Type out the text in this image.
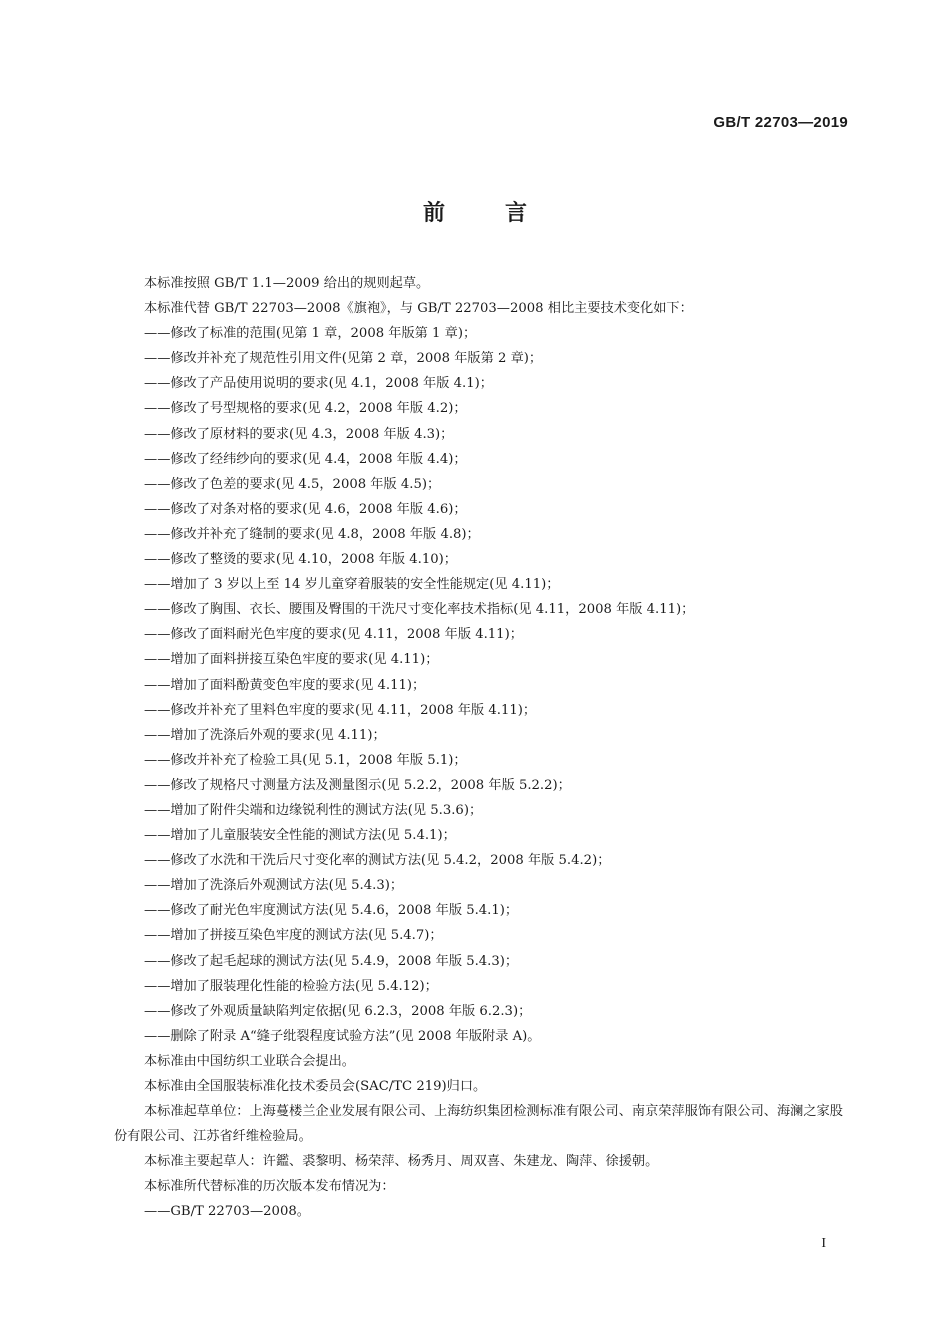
GB/T 22703—2019
前言
本标准按照 GB/T 1.1—2009 给出的规则起草。
本标准代替 GB/T 22703—2008《旗袍》，与 GB/T 22703—2008 相比主要技术变化如下：
——修改了标准的范围(见第 1 章，2008 年版第 1 章)；
——修改并补充了规范性引用文件(见第 2 章，2008 年版第 2 章)；
——修改了产品使用说明的要求(见 4.1，2008 年版 4.1)；
——修改了号型规格的要求(见 4.2，2008 年版 4.2)；
——修改了原材料的要求(见 4.3，2008 年版 4.3)；
——修改了经纬纱向的要求(见 4.4，2008 年版 4.4)；
——修改了色差的要求(见 4.5，2008 年版 4.5)；
——修改了对条对格的要求(见 4.6，2008 年版 4.6)；
——修改并补充了缝制的要求(见 4.8，2008 年版 4.8)；
——修改了整烫的要求(见 4.10，2008 年版 4.10)；
——增加了 3 岁以上至 14 岁儿童穿着服装的安全性能规定(见 4.11)；
——修改了胸围、衣长、腰围及臀围的干洗尺寸变化率技术指标(见 4.11，2008 年版 4.11)；
——修改了面料耐光色牢度的要求(见 4.11，2008 年版 4.11)；
——增加了面料拼接互染色牢度的要求(见 4.11)；
——增加了面料酚黄变色牢度的要求(见 4.11)；
——修改并补充了里料色牢度的要求(见 4.11，2008 年版 4.11)；
——增加了洗涤后外观的要求(见 4.11)；
——修改并补充了检验工具(见 5.1，2008 年版 5.1)；
——修改了规格尺寸测量方法及测量图示(见 5.2.2，2008 年版 5.2.2)；
——增加了附件尖端和边缘锐利性的测试方法(见 5.3.6)；
——增加了儿童服装安全性能的测试方法(见 5.4.1)；
——修改了水洗和干洗后尺寸变化率的测试方法(见 5.4.2，2008 年版 5.4.2)；
——增加了洗涤后外观测试方法(见 5.4.3)；
——修改了耐光色牢度测试方法(见 5.4.6，2008 年版 5.4.1)；
——增加了拼接互染色牢度的测试方法(见 5.4.7)；
——修改了起毛起球的测试方法(见 5.4.9，2008 年版 5.4.3)；
——增加了服装理化性能的检验方法(见 5.4.12)；
——修改了外观质量缺陷判定依据(见 6.2.3，2008 年版 6.2.3)；
——删除了附录 A“缝子纰裂程度试验方法”(见 2008 年版附录 A)。
本标准由中国纺织工业联合会提出。
本标准由全国服装标准化技术委员会(SAC/TC 219)归口。
本标准起草单位：上海蔓楼兰企业发展有限公司、上海纺织集团检测标准有限公司、南京荣萍服饰有限公司、海澜之家股份有限公司、江苏省纤维检验局。
本标准主要起草人：许鑑、裘黎明、杨荣萍、杨秀月、周双喜、朱建龙、陶萍、徐援朝。
本标准所代替标准的历次版本发布情况为：
——GB/T 22703—2008。
I
